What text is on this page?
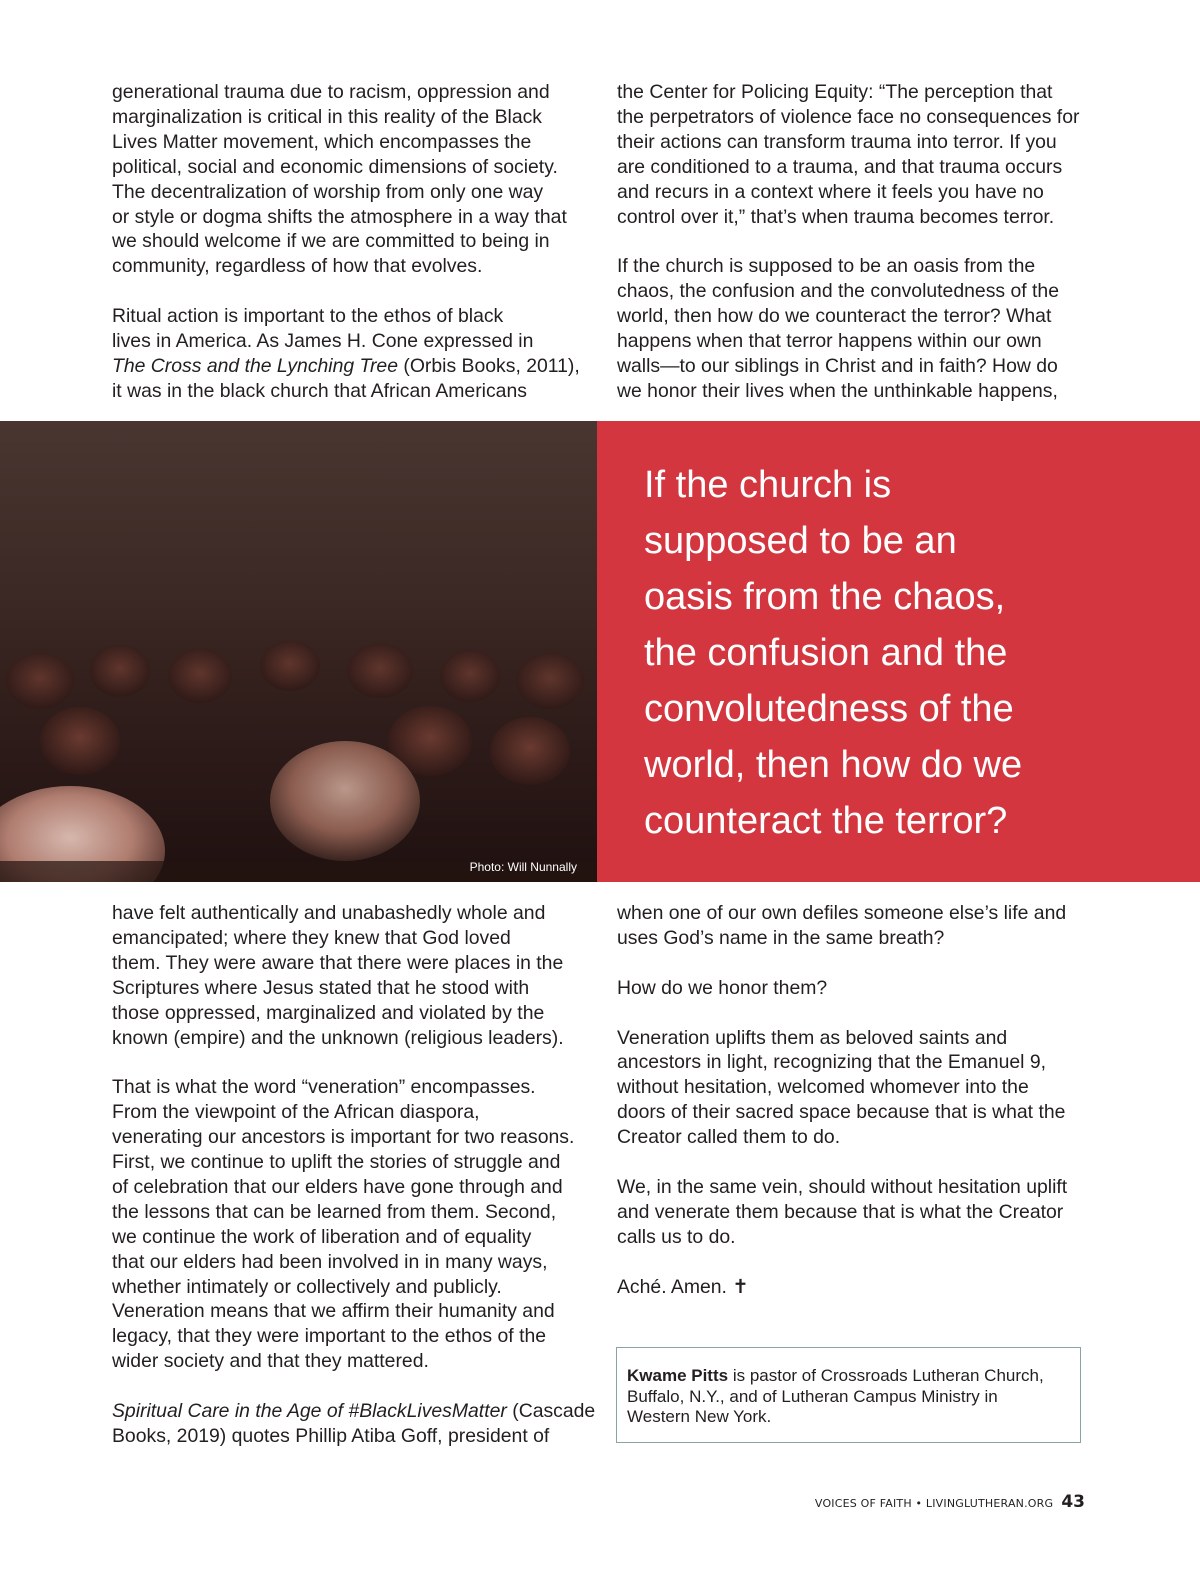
generational trauma due to racism, oppression and
marginalization is critical in this reality of the Black
Lives Matter movement, which encompasses the
political, social and economic dimensions of society.
The decentralization of worship from only one way
or style or dogma shifts the atmosphere in a way that
we should welcome if we are committed to being in
community, regardless of how that evolves.

Ritual action is important to the ethos of black
lives in America. As James H. Cone expressed in
The Cross and the Lynching Tree (Orbis Books, 2011),
it was in the black church that African Americans

the Center for Policing Equity: “The perception that
the perpetrators of violence face no consequences for
their actions can transform trauma into terror. If you
are conditioned to a trauma, and that trauma occurs
and recurs in a context where it feels you have no
control over it,” that’s when trauma becomes terror.

If the church is supposed to be an oasis from the
chaos, the confusion and the convolutedness of the
world, then how do we counteract the terror? What
happens when that terror happens within our own
walls—to our siblings in Christ and in faith? How do
we honor their lives when the unthinkable happens,

Photo: Will Nunnally
If the church is
supposed to be an
oasis from the chaos,
the confusion and the
convolutedness of the
world, then how do we
counteract the terror?

have felt authentically and unabashedly whole and
emancipated; where they knew that God loved
them. They were aware that there were places in the
Scriptures where Jesus stated that he stood with
those oppressed, marginalized and violated by the
known (empire) and the unknown (religious leaders).

That is what the word “veneration” encompasses.
From the viewpoint of the African diaspora,
venerating our ancestors is important for two reasons.
First, we continue to uplift the stories of struggle and
of celebration that our elders have gone through and
the lessons that can be learned from them. Second,
we continue the work of liberation and of equality
that our elders had been involved in in many ways,
whether intimately or collectively and publicly.
Veneration means that we affirm their humanity and
legacy, that they were important to the ethos of the
wider society and that they mattered.

Spiritual Care in the Age of #BlackLivesMatter (Cascade
Books, 2019) quotes Phillip Atiba Goff, president of

when one of our own defiles someone else’s life and
uses God’s name in the same breath?

How do we honor them?

Veneration uplifts them as beloved saints and
ancestors in light, recognizing that the Emanuel 9,
without hesitation, welcomed whomever into the
doors of their sacred space because that is what the
Creator called them to do.

We, in the same vein, should without hesitation uplift
and venerate them because that is what the Creator
calls us to do.

Aché. Amen. ✝

Kwame Pitts is pastor of Crossroads Lutheran Church,
Buffalo, N.Y., and of Lutheran Campus Ministry in
Western New York.
VOICES OF FAITH • LIVINGLUTHERAN.ORG 43
